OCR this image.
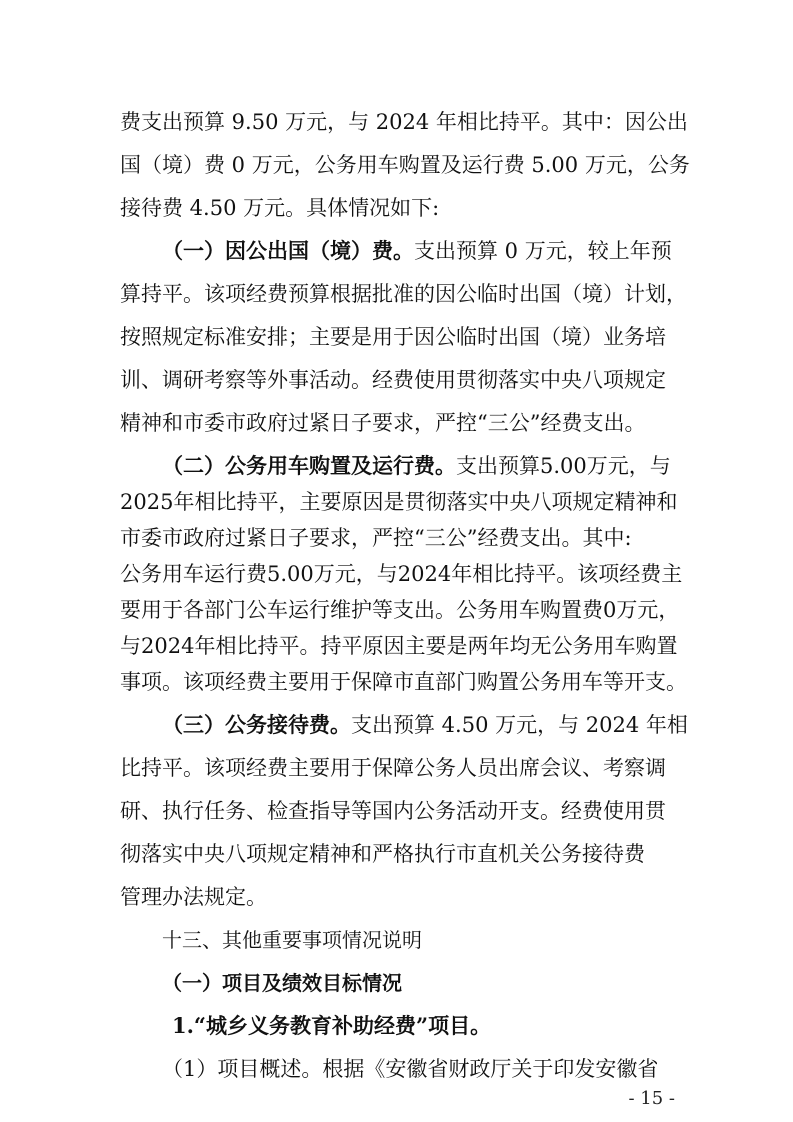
费支出预算 9.50 万元，与 2024 年相比持平。其中：因公出
国（境）费 0 万元，公务用车购置及运行费 5.00 万元，公务
接待费 4.50 万元。具体情况如下:
（一）因公出国（境）费。支出预算 0 万元，较上年预
算持平。该项经费预算根据批准的因公临时出国（境）计划，
按照规定标准安排；主要是用于因公临时出国（境）业务培
训、调研考察等外事活动。经费使用贯彻落实中央八项规定
精神和市委市政府过紧日子要求，严控“三公”经费支出。
（二）公务用车购置及运行费。支出预算5.00万元，与
2025年相比持平，主要原因是贯彻落实中央八项规定精神和
市委市政府过紧日子要求，严控“三公”经费支出。其中:
公务用车运行费5.00万元，与2024年相比持平。该项经费主
要用于各部门公车运行维护等支出。公务用车购置费0万元，
与2024年相比持平。持平原因主要是两年均无公务用车购置
事项。该项经费主要用于保障市直部门购置公务用车等开支。
（三）公务接待费。支出预算 4.50 万元，与 2024 年相
比持平。该项经费主要用于保障公务人员出席会议、考察调
研、执行任务、检查指导等国内公务活动开支。经费使用贯
彻落实中央八项规定精神和严格执行市直机关公务接待费
管理办法规定。
十三、其他重要事项情况说明
（一）项目及绩效目标情况
1.“城乡义务教育补助经费”项目。
（1）项目概述。根据《安徽省财政厅关于印发安徽省
- 15 -
